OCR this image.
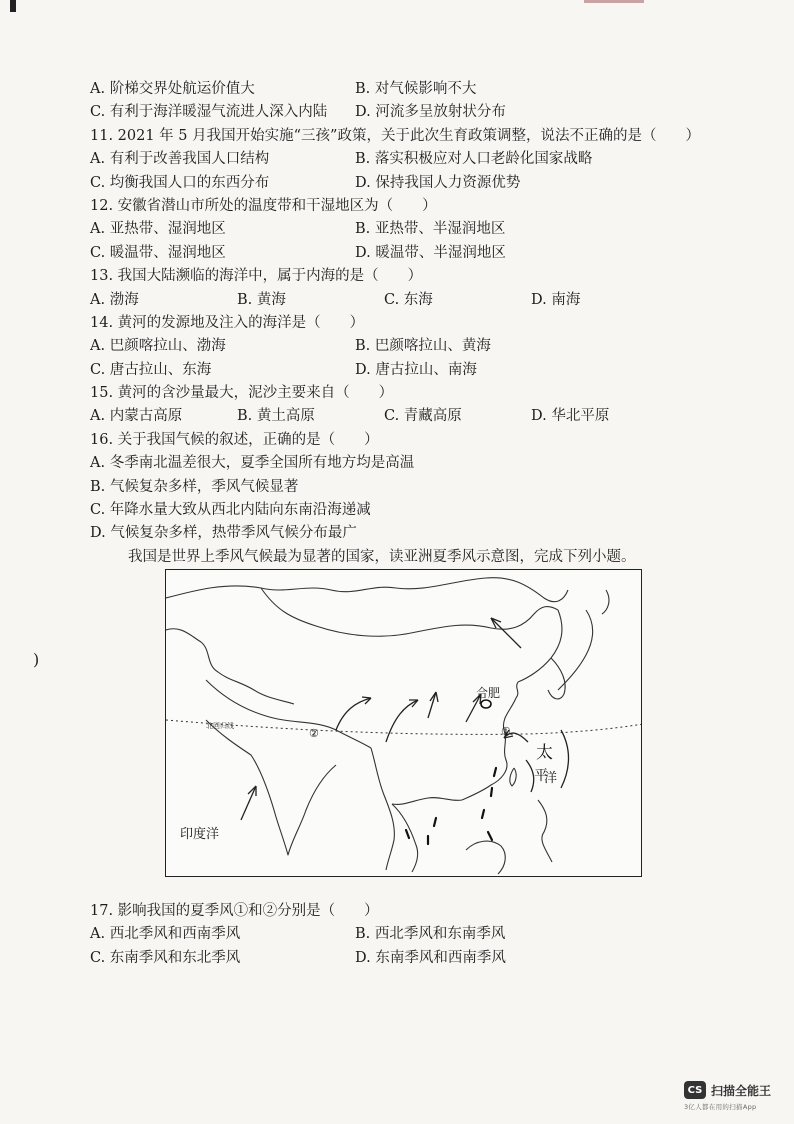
)
A. 阶梯交界处航运价值大	B. 对气候影响不大
C. 有利于海洋暖湿气流进人深入内陆	D. 河流多呈放射状分布
11. 2021 年 5 月我国开始实施“三孩”政策，关于此次生育政策调整，说法不正确的是（　　）
A. 有利于改善我国人口结构	B. 落实积极应对人口老龄化国家战略
C. 均衡我国人口的东西分布	D. 保持我国人力资源优势
12. 安徽省潜山市所处的温度带和干湿地区为（　　）
A. 亚热带、湿润地区	B. 亚热带、半湿润地区
C. 暖温带、湿润地区	D. 暖温带、半湿润地区
13. 我国大陆濒临的海洋中，属于内海的是（　　）
A. 渤海	B. 黄海	C. 东海	D. 南海
14. 黄河的发源地及注入的海洋是（　　）
A. 巴颜喀拉山、渤海	B. 巴颜喀拉山、黄海
C. 唐古拉山、东海	D. 唐古拉山、南海
15. 黄河的含沙量最大，泥沙主要来自（　　）
A. 内蒙古高原	B. 黄土高原	C. 青藏高原	D. 华北平原
16. 关于我国气候的叙述，正确的是（　　）
A. 冬季南北温差很大，夏季全国所有地方均是高温
B. 气候复杂多样，季风气候显著
C. 年降水量大致从西北内陆向东南沿海递减
D. 气候复杂多样，热带季风气候分布最广
我国是世界上季风气候最为显著的国家，读亚洲夏季风示意图，完成下列小题。
合肥
北回归线
②	①
印度洋
太
平
洋
17. 影响我国的夏季风①和②分别是（　　）
A. 西北季风和西南季风	B. 西北季风和东南季风
C. 东南季风和东北季风	D. 东南季风和西南季风
CS 扫描全能王
3亿人都在用的扫描App
